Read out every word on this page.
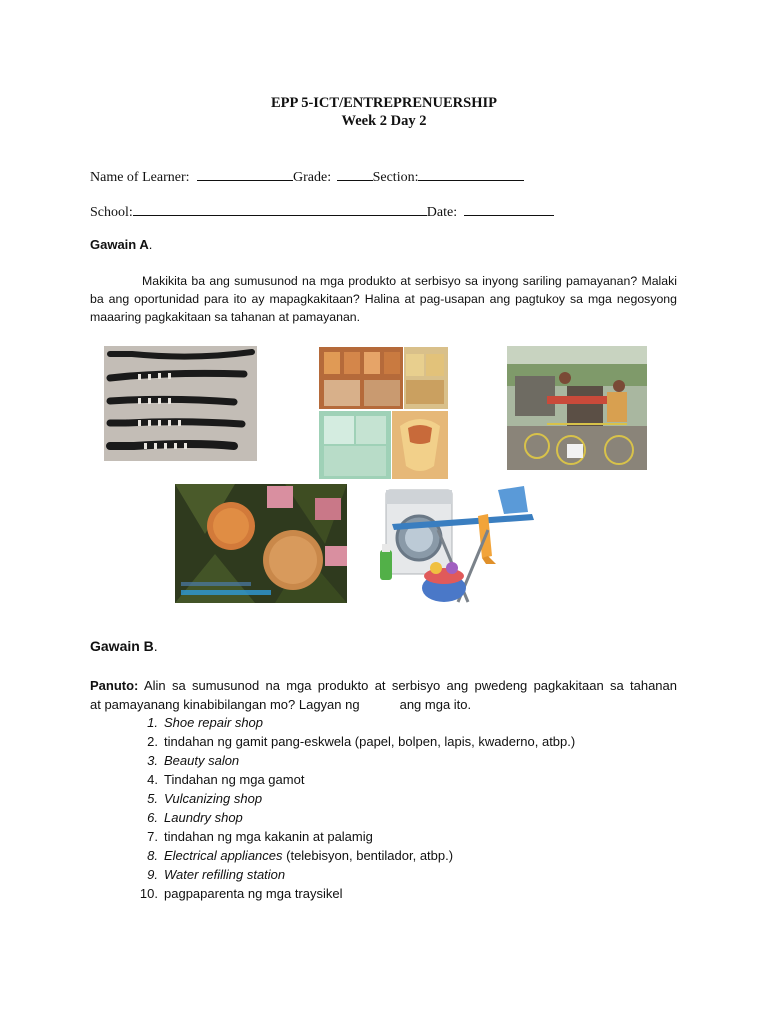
EPP 5-ICT/ENTREPRENUERSHIP
Week 2 Day 2
Name of Learner:	Grade:	Section:
School:	Date:
Gawain A.
Makikita ba ang sumusunod na mga produkto at serbisyo sa inyong sariling pamayanan? Malaki
ba ang oportunidad para ito ay mapagkakitaan? Halina at pag-usapan ang pagtukoy sa mga negosyong
maaaring pagkakitaan sa tahanan at pamayanan.
Gawain B.
Panuto: Alin sa sumusunod na mga produkto at serbisyo ang pwedeng pagkakitaan sa tahanan
at pamayanang kinabibilangan mo? Lagyan ng	ang mga ito.
1. Shoe repair shop
2. tindahan ng gamit pang-eskwela (papel, bolpen, lapis, kwaderno, atbp.)
3. Beauty salon
4. Tindahan ng mga gamot
5. Vulcanizing shop
6. Laundry shop
7. tindahan ng mga kakanin at palamig
8. Electrical appliances (telebisyon, bentilador, atbp.)
9. Water refilling station
10. pagpaparenta ng mga traysikel
